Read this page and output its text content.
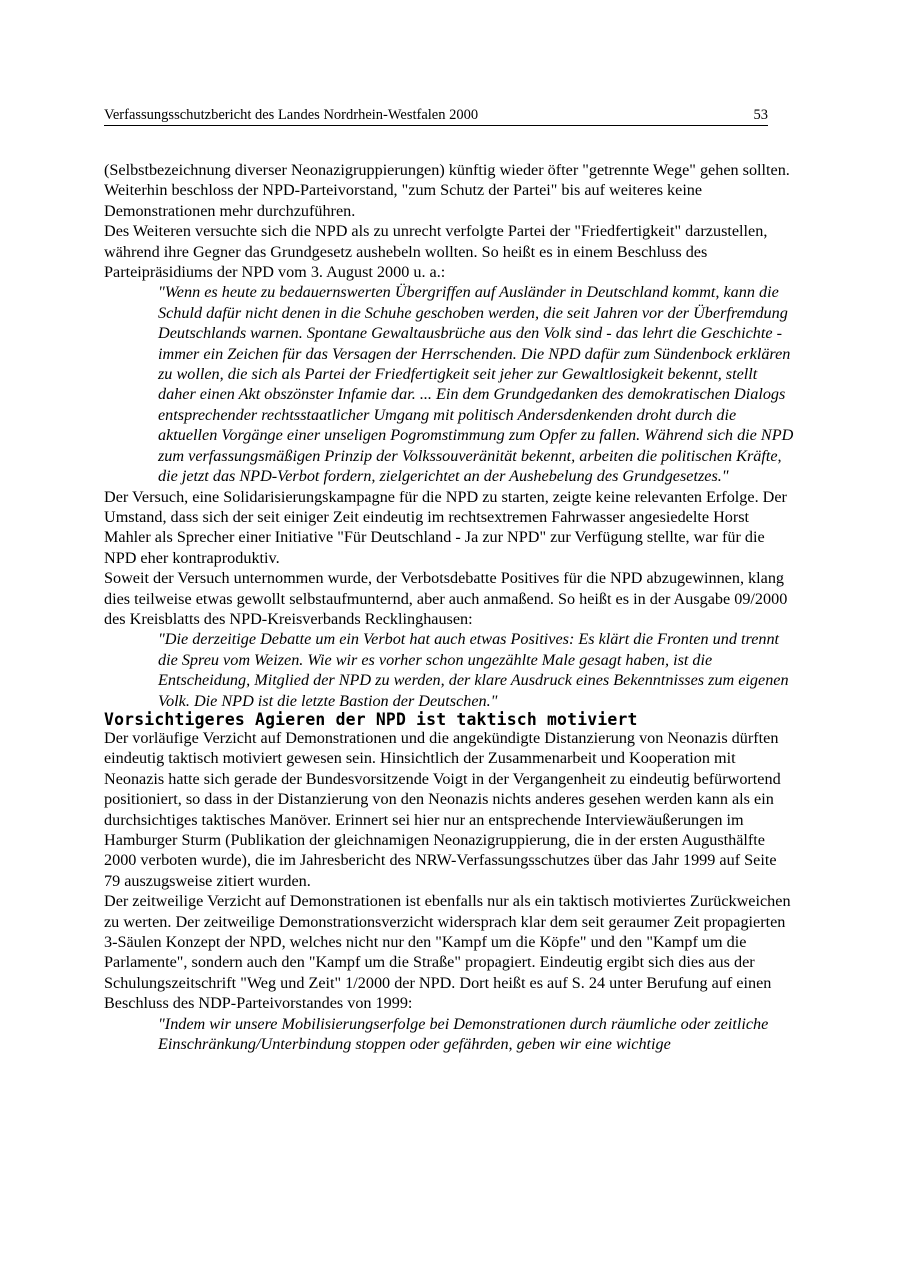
Verfassungsschutzbericht des Landes Nordrhein-Westfalen 2000	53

(Selbstbezeichnung diverser Neonazigruppierungen) künftig wieder öfter "getrennte Wege" gehen sollten. Weiterhin beschloss der NPD-Parteivorstand, "zum Schutz der Partei" bis auf weiteres keine Demonstrationen mehr durchzuführen.

Des Weiteren versuchte sich die NPD als zu unrecht verfolgte Partei der "Friedfertigkeit" darzustellen, während ihre Gegner das Grundgesetz aushebeln wollten. So heißt es in einem Beschluss des Parteipräsidiums der NPD vom 3. August 2000 u. a.:

"Wenn es heute zu bedauernswerten Übergriffen auf Ausländer in Deutschland kommt, kann die Schuld dafür nicht denen in die Schuhe geschoben werden, die seit Jahren vor der Überfremdung Deutschlands warnen. Spontane Gewaltausbrüche aus den Volk sind - das lehrt die Geschichte - immer ein Zeichen für das Versagen der Herrschenden. Die NPD dafür zum Sündenbock erklären zu wollen, die sich als Partei der Friedfertigkeit seit jeher zur Gewaltlosigkeit bekennt, stellt daher einen Akt obszönster Infamie dar. ... Ein dem Grundgedanken des demokratischen Dialogs entsprechender rechtsstaatlicher Umgang mit politisch Andersdenkenden droht durch die aktuellen Vorgänge einer unseligen Pogromstimmung zum Opfer zu fallen. Während sich die NPD zum verfassungsmäßigen Prinzip der Volkssouveränität bekennt, arbeiten die politischen Kräfte, die jetzt das NPD-Verbot fordern, zielgerichtet an der Aushebelung des Grundgesetzes."

Der Versuch, eine Solidarisierungskampagne für die NPD zu starten, zeigte keine relevanten Erfolge. Der Umstand, dass sich der seit einiger Zeit eindeutig im rechtsextremen Fahrwasser angesiedelte Horst Mahler als Sprecher einer Initiative "Für Deutschland - Ja zur NPD" zur Verfügung stellte, war für die NPD eher kontraproduktiv.

Soweit der Versuch unternommen wurde, der Verbotsdebatte Positives für die NPD abzugewinnen, klang dies teilweise etwas gewollt selbstaufmunternd, aber auch anmaßend. So heißt es in der Ausgabe 09/2000 des Kreisblatts des NPD-Kreisverbands Recklinghausen:

"Die derzeitige Debatte um ein Verbot hat auch etwas Positives: Es klärt die Fronten und trennt die Spreu vom Weizen. Wie wir es vorher schon ungezählte Male gesagt haben, ist die Entscheidung, Mitglied der NPD zu werden, der klare Ausdruck eines Bekenntnisses zum eigenen Volk. Die NPD ist die letzte Bastion der Deutschen."

Vorsichtigeres Agieren der NPD ist taktisch motiviert

Der vorläufige Verzicht auf Demonstrationen und die angekündigte Distanzierung von Neonazis dürften eindeutig taktisch motiviert gewesen sein. Hinsichtlich der Zusammenarbeit und Kooperation mit Neonazis hatte sich gerade der Bundesvorsitzende Voigt in der Vergangenheit zu eindeutig befürwortend positioniert, so dass in der Distanzierung von den Neonazis nichts anderes gesehen werden kann als ein durchsichtiges taktisches Manöver. Erinnert sei hier nur an entsprechende Interviewäußerungen im Hamburger Sturm (Publikation der gleichnamigen Neonazigruppierung, die in der ersten Augusthälfte 2000 verboten wurde), die im Jahresbericht des NRW-Verfassungsschutzes über das Jahr 1999 auf Seite 79 auszugsweise zitiert wurden.

Der zeitweilige Verzicht auf Demonstrationen ist ebenfalls nur als ein taktisch motiviertes Zurückweichen zu werten. Der zeitweilige Demonstrationsverzicht widersprach klar dem seit geraumer Zeit propagierten 3-Säulen Konzept der NPD, welches nicht nur den "Kampf um die Köpfe" und den "Kampf um die Parlamente", sondern auch den "Kampf um die Straße" propagiert. Eindeutig ergibt sich dies aus der Schulungszeitschrift "Weg und Zeit" 1/2000 der NPD. Dort heißt es auf S. 24 unter Berufung auf einen Beschluss des NDP-Parteivorstandes von 1999:

"Indem wir unsere Mobilisierungserfolge bei Demonstrationen durch räumliche oder zeitliche Einschränkung/Unterbindung stoppen oder gefährden, geben wir eine wichtige
